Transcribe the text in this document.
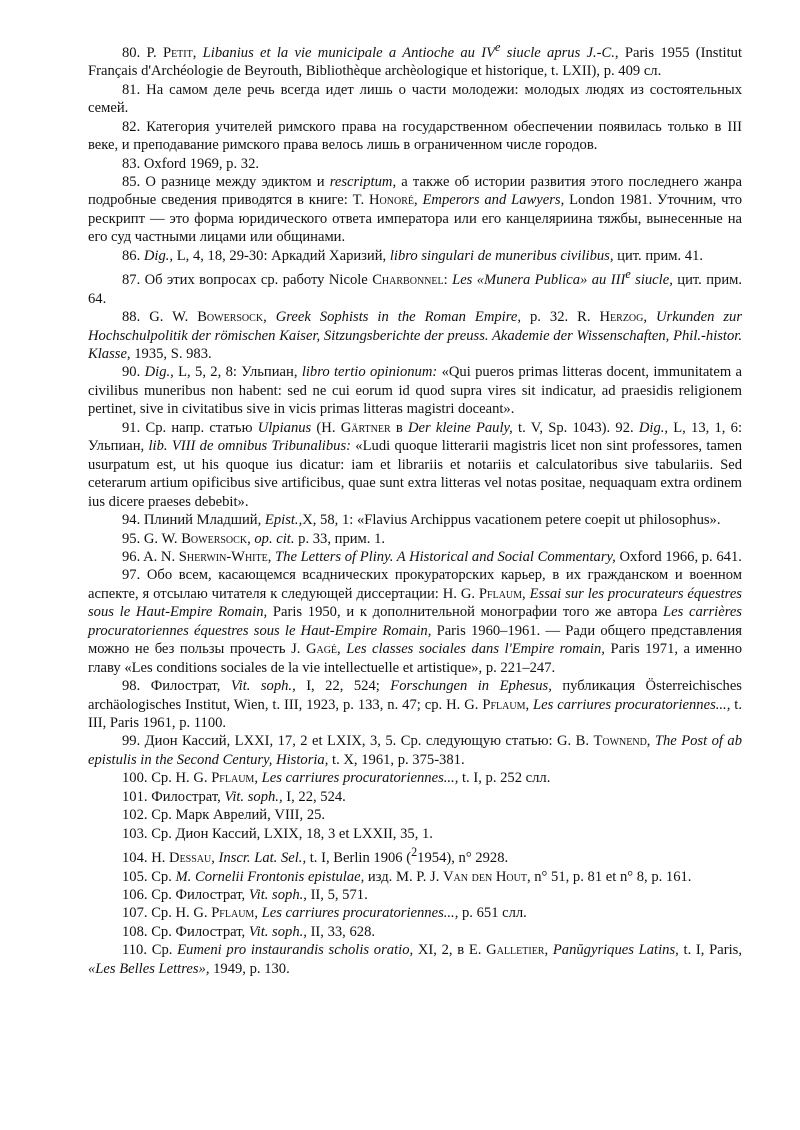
80. P. Petit, Libanius et la vie municipale a Antioche au IVe siucle aprus J.-C., Paris 1955 (Institut Français d'Archéologie de Beyrouth, Bibliothèque archèologique et historique, t. LXII), p. 409 сл.

81. На самом деле речь всегда идет лишь о части молодежи: молодых людях из состоятельных семей.

82. Категория учителей римского права на государственном обеспечении появилась только в III веке, и преподавание римского права велось лишь в ограниченном числе городов.

83. Oxford 1969, p. 32.

85. О разнице между эдиктом и rescriptum, а также об истории развития этого последнего жанра подробные сведения приводятся в книге: T. Honoré, Emperors and Lawyers, London 1981. Уточним, что рескрипт — это форма юридического ответа императора или его канцеляриина тяжбы, вынесенные на его суд частными лицами или общинами.

86. Dig., L, 4, 18, 29-30: Аркадий Харизий, libro singulari de muneribus civilibus, цит. прим. 41.

87. Об этих вопросах ср. работу Nicole Charbonnel: Les «Munera Publica» au IIIe siucle, цит. прим. 64.

88. G. W. Bowersock, Greek Sophists in the Roman Empire, p. 32. R. Herzog, Urkunden zur Hochschulpolitik der römischen Kaiser, Sitzungsberichte der preuss. Akademie der Wissenschaften, Phil.-histor. Klasse, 1935, S. 983.

90. Dig., L, 5, 2, 8: Ульпиан, libro tertio opinionum: «Qui pueros primas litteras docent, immunitatem a civilibus muneribus non habent: sed ne cui eorum id quod supra vires sit indicatur, ad praesidis religionem pertinet, sive in civitatibus sive in vicis primas litteras magistri doceant».

91. Ср. напр. статью Ulpianus (H. Gärtner в Der kleine Pauly, t. V, Sp. 1043). 92. Dig., L, 13, 1, 6: Ульпиан, lib. VIII de omnibus Tribunalibus: «Ludi quoque litterarii magistris licet non sint professores, tamen usurpatum est, ut his quoque ius dicatur: iam et librariis et notariis et calculatoribus sive tabulariis. Sed ceterarum artium opificibus sive artificibus, quae sunt extra litteras vel notas positae, nequaquam extra ordinem ius dicere praeses debebit».

94. Плиний Младший, Epist.,X, 58, 1: «Flavius Archippus vacationem petere coepit ut philosophus».

95. G. W. Bowersock, op. cit. p. 33, прим. 1.

96. A. N. Sherwin-White, The Letters of Pliny. A Historical and Social Commentary, Oxford 1966, p. 641.

97. Обо всем, касающемся всаднических прокураторских карьер, в их гражданском и военном аспекте, я отсылаю читателя к следующей диссертации: H. G. Pflaum, Essai sur les procurateurs équestres sous le Haut-Empire Romain, Paris 1950, и к дополнительной монографии того же автора Les carrières procuratoriennes équestres sous le Haut-Empire Romain, Paris 1960–1961. — Ради общего представления можно не без пользы прочесть J. Gagé, Les classes sociales dans l'Empire romain, Paris 1971, а именно главу «Les conditions sociales de la vie intellectuelle et artistique», p. 221–247.

98. Филострат, Vit. soph., I, 22, 524; Forschungen in Ephesus, публикация Österreichisches archäologisches Institut, Wien, t. III, 1923, p. 133, n. 47; ср. H. G. Pflaum, Les carriures procuratoriennes..., t. III, Paris 1961, p. 1100.

99. Дион Кассий, LXXI, 17, 2 et LXIX, 3, 5. Ср. следующую статью: G. B. Townend, The Post of ab epistulis in the Second Century, Historia, t. X, 1961, p. 375-381.

100. Ср. H. G. Pflaum, Les carriures procuratoriennes..., t. I, p. 252 слл.

101. Филострат, Vit. soph., I, 22, 524.

102. Ср. Марк Аврелий, VIII, 25.

103. Ср. Дион Кассий, LXIX, 18, 3 et LXXII, 35, 1.

104. H. Dessau, Inscr. Lat. Sel., t. I, Berlin 1906 ($^2$1954), n° 2928.

105. Ср. M. Cornelii Frontonis epistulae, изд. M. P. J. Van den Hout, n° 51, p. 81 et n° 8, p. 161.

106. Ср. Филострат, Vit. soph., II, 5, 571.

107. Ср. H. G. Pflaum, Les carriures procuratoriennes..., p. 651 слл.

108. Ср. Филострат, Vit. soph., II, 33, 628.

110. Ср. Eumeni pro instaurandis scholis oratio, XI, 2, в E. Galletier, Panŭgyriques Latins, t. I, Paris, «Les Belles Lettres», 1949, p. 130.
